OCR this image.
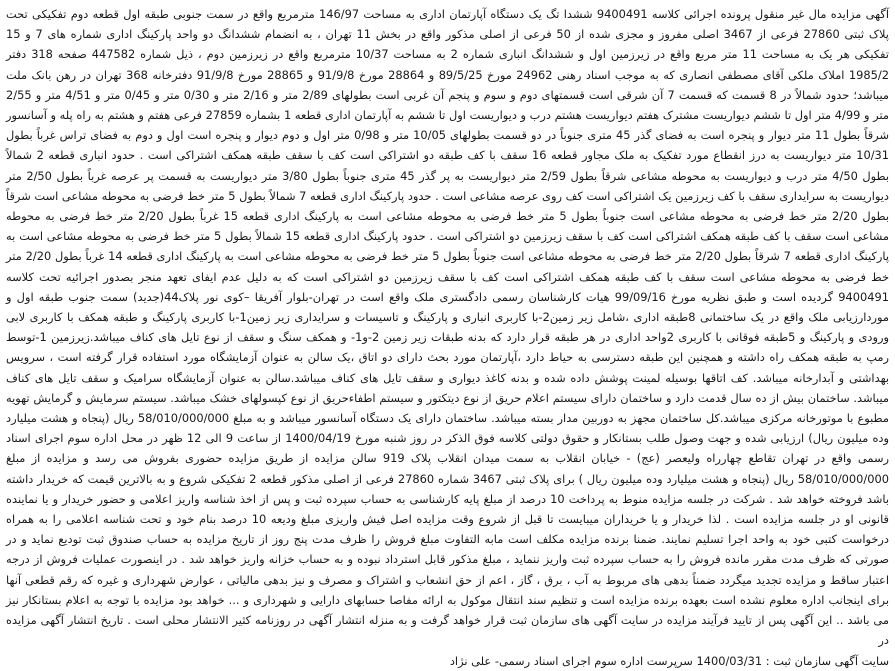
آگهی مزایده مال غیر منقول پرونده اجرائی کلاسه 9400491 ششدا تگ یک دستگاه آپارتمان اداری به مساحت 146/97 مترمربع واقع در سمت جنوبی طبقه اول قطعه دوم تفکیکی تحت پلاک ثبتی 27860 فرعی از 3467 اصلی مفروز و مجزی شده از 50 فرعی از اصلی مذکور واقع در بخش 11 تهران ، به انضمام ششدانگ دو واحد پارکینگ اداری شماره های 7 و 15 تفکیکی هر یک به مساحت 11 متر مربع واقع در زیرزمین اول و ششدانگ انباری شماره 2 به مساحت 10/37 مترمربع واقع در زیرزمین دوم ، ذیل شماره 447582 صفحه 318 دفتر 1985/2 املاک ملکی آقای مصطفی انصاری که به موجب اسناد رهنی 24962 مورخ 89/5/25 و 28864 مورخ 91/9/8 و 28865 مورخ 91/9/8 دفترخانه 368 تهران در رهن بانک ملت میباشد؛ حدود شمالاً در 8 قسمت که قسمت 7 آن شرقی است قسمتهای دوم و سوم و پنجم آن غربی است بطولهای 2/89 متر و 2/16 متر و 0/30 متر و 0/45 متر و 4/51 متر و 2/55 متر و 4/99 متر اول تا ششم دیواریست مشترک هفتم دیواریست هشتم درب و دیواریست اول تا ششم به آپارتمان اداری قطعه 1 بشماره 27859 فرعی هفتم و هشتم به راه پله و آسانسور شرقاً بطول 11 متر دیوار و پنجره است به فضای گذر 45 متری جنوباً در دو قسمت بطولهای 10/05 متر و 0/98 متر اول و دوم دیوار و پنجره است اول و دوم به فضای تراس غرباً بطول 10/31 متر دیواریست به درز انقطاع مورد تفکیک به ملک مجاور قطعه 16 سقف با کف طبقه دو اشتراکی است کف با سقف طبقه همکف اشتراکی است . حدود انباری قطعه 2 شمالاً بطول 4/50 متر درب و دیواریست به محوطه مشاعی شرقاً بطول 2/59 متر دیواریست به پر گذر 45 متری جنوباً بطول 3/80 متر دیواریست به قسمت پر عرصه غرباً بطول 2/50 متر دیواریست به سرایداری سقف با کف زیرزمین یک اشتراکی است کف روی عرصه مشاعی است . حدود پارکینگ اداری قطعه 7 شمالاً بطول 5 متر خط فرضی به محوطه مشاعی است شرقاً بطول 2/20 متر خط فرضی به محوطه مشاعی است جنوباً بطول 5 متر خط فرضی به محوطه مشاعی است به پارکینگ اداری قطعه 15 غرباً بطول 2/20 متر خط فرضی به محوطه مشاعی است سقف با کف طبقه همکف اشتراکی است کف با سقف زیرزمین دو اشتراکی است . حدود پارکینگ اداری قطعه 15 شمالاً بطول 5 متر خط فرضی به محوطه مشاعی است به پارکینگ اداری قطعه 7 شرقاً بطول 2/20 متر خط فرضی به محوطه مشاعی است جنوباً بطول 5 متر خط فرضی به محوطه مشاعی است به پارکینگ اداری قطعه 14 غرباً بطول 2/20 متر خط فرضی به محوطه مشاعی است سقف با کف طبقه همکف اشتراکی است کف با سقف زیرزمین دو اشتراکی است که به دلیل عدم ایفای تعهد منجر بصدور اجرائیه تحت کلاسه 9400491 گردیده است و طبق نظریه مورخ 99/09/16 هیات کارشناسان رسمی دادگستری ملک واقع است در تهران-بلوار آفریقا –کوی نور پلاک44(جدید) سمت جنوب طبقه اول و موردارزیابی ملک واقع در یک ساختمانی 8طبقه اداری ،شامل زیر زمین2-با کاربری انباری و پارکینگ و تاسیسات و سرایداری زیر زمین1-با کاربری پارکینگ و طبقه همکف با کاربری لابی ورودی و پارکینگ و 5طبقه فوقانی با کاربری 2واحد اداری در هر طبقه قرار دارد که بدنه طبقات زیر زمین 2-و1- و همکف سنگ و سقف از نوع تایل های کناف میباشد.زیرزمین 1-توسط رمپ به طبقه همکف راه داشته و همچنین این طبقه دسترسی به حیاط دارد ،آپارتمان مورد بحث دارای دو اتاق ،یک سالن به عنوان آزمایشگاه مورد استفاده قرار گرفته است ، سرویس بهداشتی و آبدارخانه میباشد. کف اتاقها بوسیله لمینت پوشش داده شده و بدنه کاغذ دیواری و سقف تایل های کناف میباشد.سالن به عنوان آزمایشگاه سرامیک و سقف تایل های کناف میباشد. ساختمان بیش از ده سال قدمت دارد و ساختمان دارای سیستم اعلام حریق از نوع دیتکتور و سیستم اطفاءحریق از نوع کپسولهای خشک میباشد. سیستم سرمایش و گرمایش تهویه مطبوع با موتورخانه مرکزی میباشد.کل ساختمان مجهز به دوربین مدار بسته میباشد. ساختمان دارای یک دستگاه آسانسور میباشد و به مبلغ 58/010/000/000 ریال (پنجاه و هشت میلیارد وده میلیون ریال) ارزیابی شده و جهت وصول طلب بستانکار و حقوق دولتی کلاسه فوق الذکر در روز شنبه مورخ 1400/04/19 از ساعت 9 الی 12 ظهر در محل اداره سوم اجرای اسناد رسمی واقع در تهران تقاطع چهارراه ولیعصر (عج) - خیابان انقلاب به سمت میدان انقلاب پلاک 919 سالن مزایده از طریق مزایده حضوری بفروش می رسد و مزایده از مبلغ 58/010/000/000 ریال (پنجاه و هشت میلیارد وده میلیون ریال ) برای پلاک ثبتی 3467 شماره 27860 فرعی از اصلی مذکور قطعه 2 تفکیکی شروع و به بالاترین قیمت که خریدار داشته باشد فروخته خواهد شد . شرکت در جلسه مزایده منوط به پرداخت 10 درصد از مبلغ پایه کارشناسی به حساب سپرده ثبت و پس از اخذ شناسه واریز اعلامی و حضور خریدار و یا نماینده قانونی او در جلسه مزایده است . لذا خریدار و یا خریداران میبایست تا قبل از شروع وقت مزایده اصل فیش واریزی مبلغ ودیعه 10 درصد بنام خود و تحت شناسه اعلامی را به همراه درخواست کتبی خود به واحد اجرا تسلیم نمایند. ضمنا برنده مزایده مکلف است مابه التفاوت مبلغ فروش را ظرف مدت پنج روز از تاریخ مزایده به حساب صندوق ثبت تودیع نماید و در صورتی که ظرف مدت مقرر مانده فروش را به حساب سپرده ثبت واریز ننماید ، مبلغ مذکور قابل استرداد نبوده و به حساب خزانه واریز خواهد شد . در اینصورت عملیات فروش از درجه اعتبار ساقط و مزایده تجدید میگردد ضمناً بدهی های مربوط به آب ، برق ، گاز ، اعم از حق انشعاب و اشتراک و مصرف و نیز بدهی مالیاتی ، عوارض شهرداری و غیره که رقم قطعی آنها برای اینجانب اداره معلوم نشده است بعهده برنده مزایده است و تنظیم سند انتقال موکول به ارائه مفاصا حسابهای دارایی و شهرداری و ... خواهد بود مزایده با توجه به اعلام بستانکار نیز می باشد .. این آگهی پس از تایید فرآیند مزایده در سایت آگهی های سازمان ثبت قرار خواهد گرفت و به منزله انتشار آگهی در روزنامه کثیر الانتشار محلی است . تاریخ انتشار آگهی مزایده در

سایت آگهی سازمان ثبت : 1400/03/31 سرپرست اداره سوم اجرای اسناد رسمی- علی نژاد
